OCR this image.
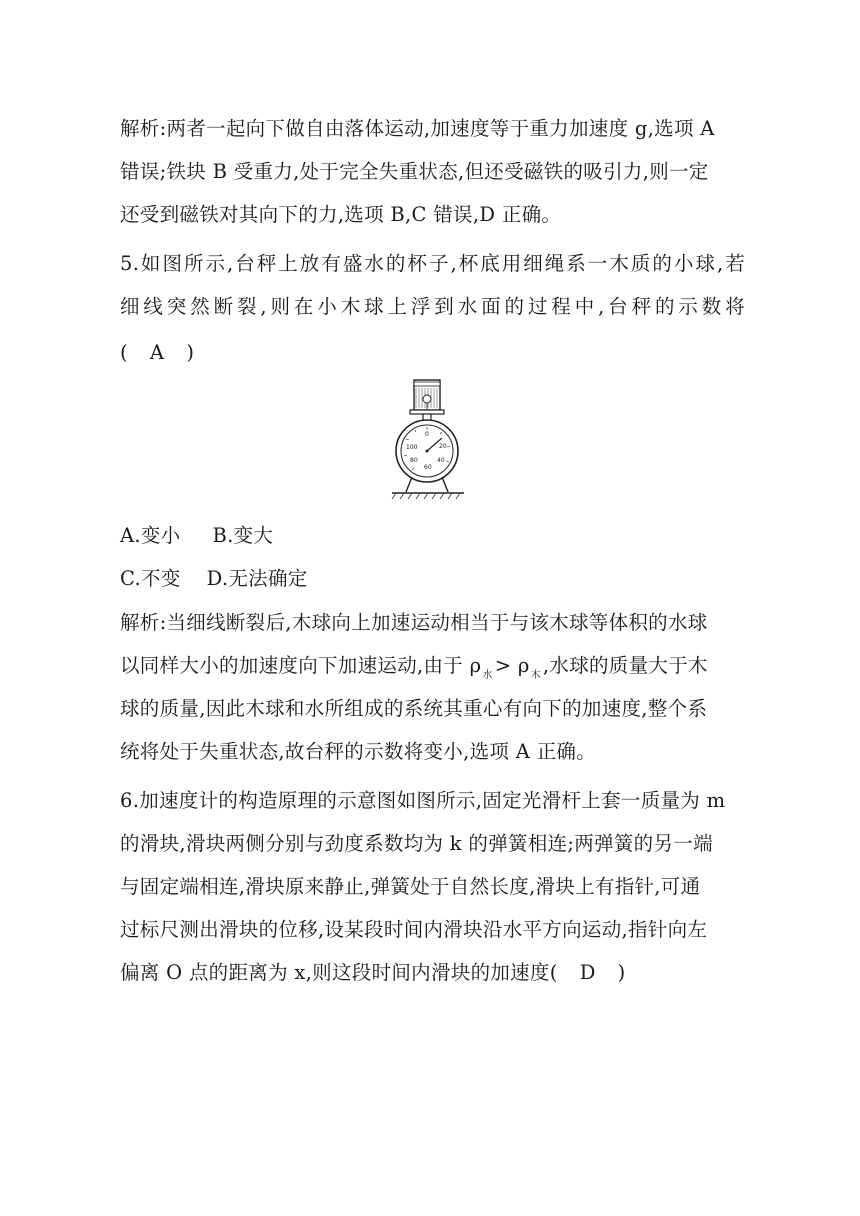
解析:两者一起向下做自由落体运动,加速度等于重力加速度 g,选项 A
错误;铁块 B 受重力,处于完全失重状态,但还受磁铁的吸引力,则一定
还受到磁铁对其向下的力,选项 B,C 错误,D 正确。
5.如图所示,台秤上放有盛水的杯子,杯底用细绳系一木质的小球,若
细线突然断裂,则在小木球上浮到水面的过程中,台秤的示数将
( A )
0
20
40
60
80
100
A.变小 B.变大
C.不变 D.无法确定
解析:当细线断裂后,木球向上加速运动相当于与该木球等体积的水球
以同样大小的加速度向下加速运动,由于 $\rho_水 > \rho_木$ ,水球的质量大于木
球的质量,因此木球和水所组成的系统其重心有向下的加速度,整个系
统将处于失重状态,故台秤的示数将变小,选项 A 正确。
6.加速度计的构造原理的示意图如图所示,固定光滑杆上套一质量为 m
的滑块,滑块两侧分别与劲度系数均为 k 的弹簧相连;两弹簧的另一端
与固定端相连,滑块原来静止,弹簧处于自然长度,滑块上有指针,可通
过标尺测出滑块的位移,设某段时间内滑块沿水平方向运动,指针向左
偏离 O 点的距离为 x,则这段时间内滑块的加速度( D )
